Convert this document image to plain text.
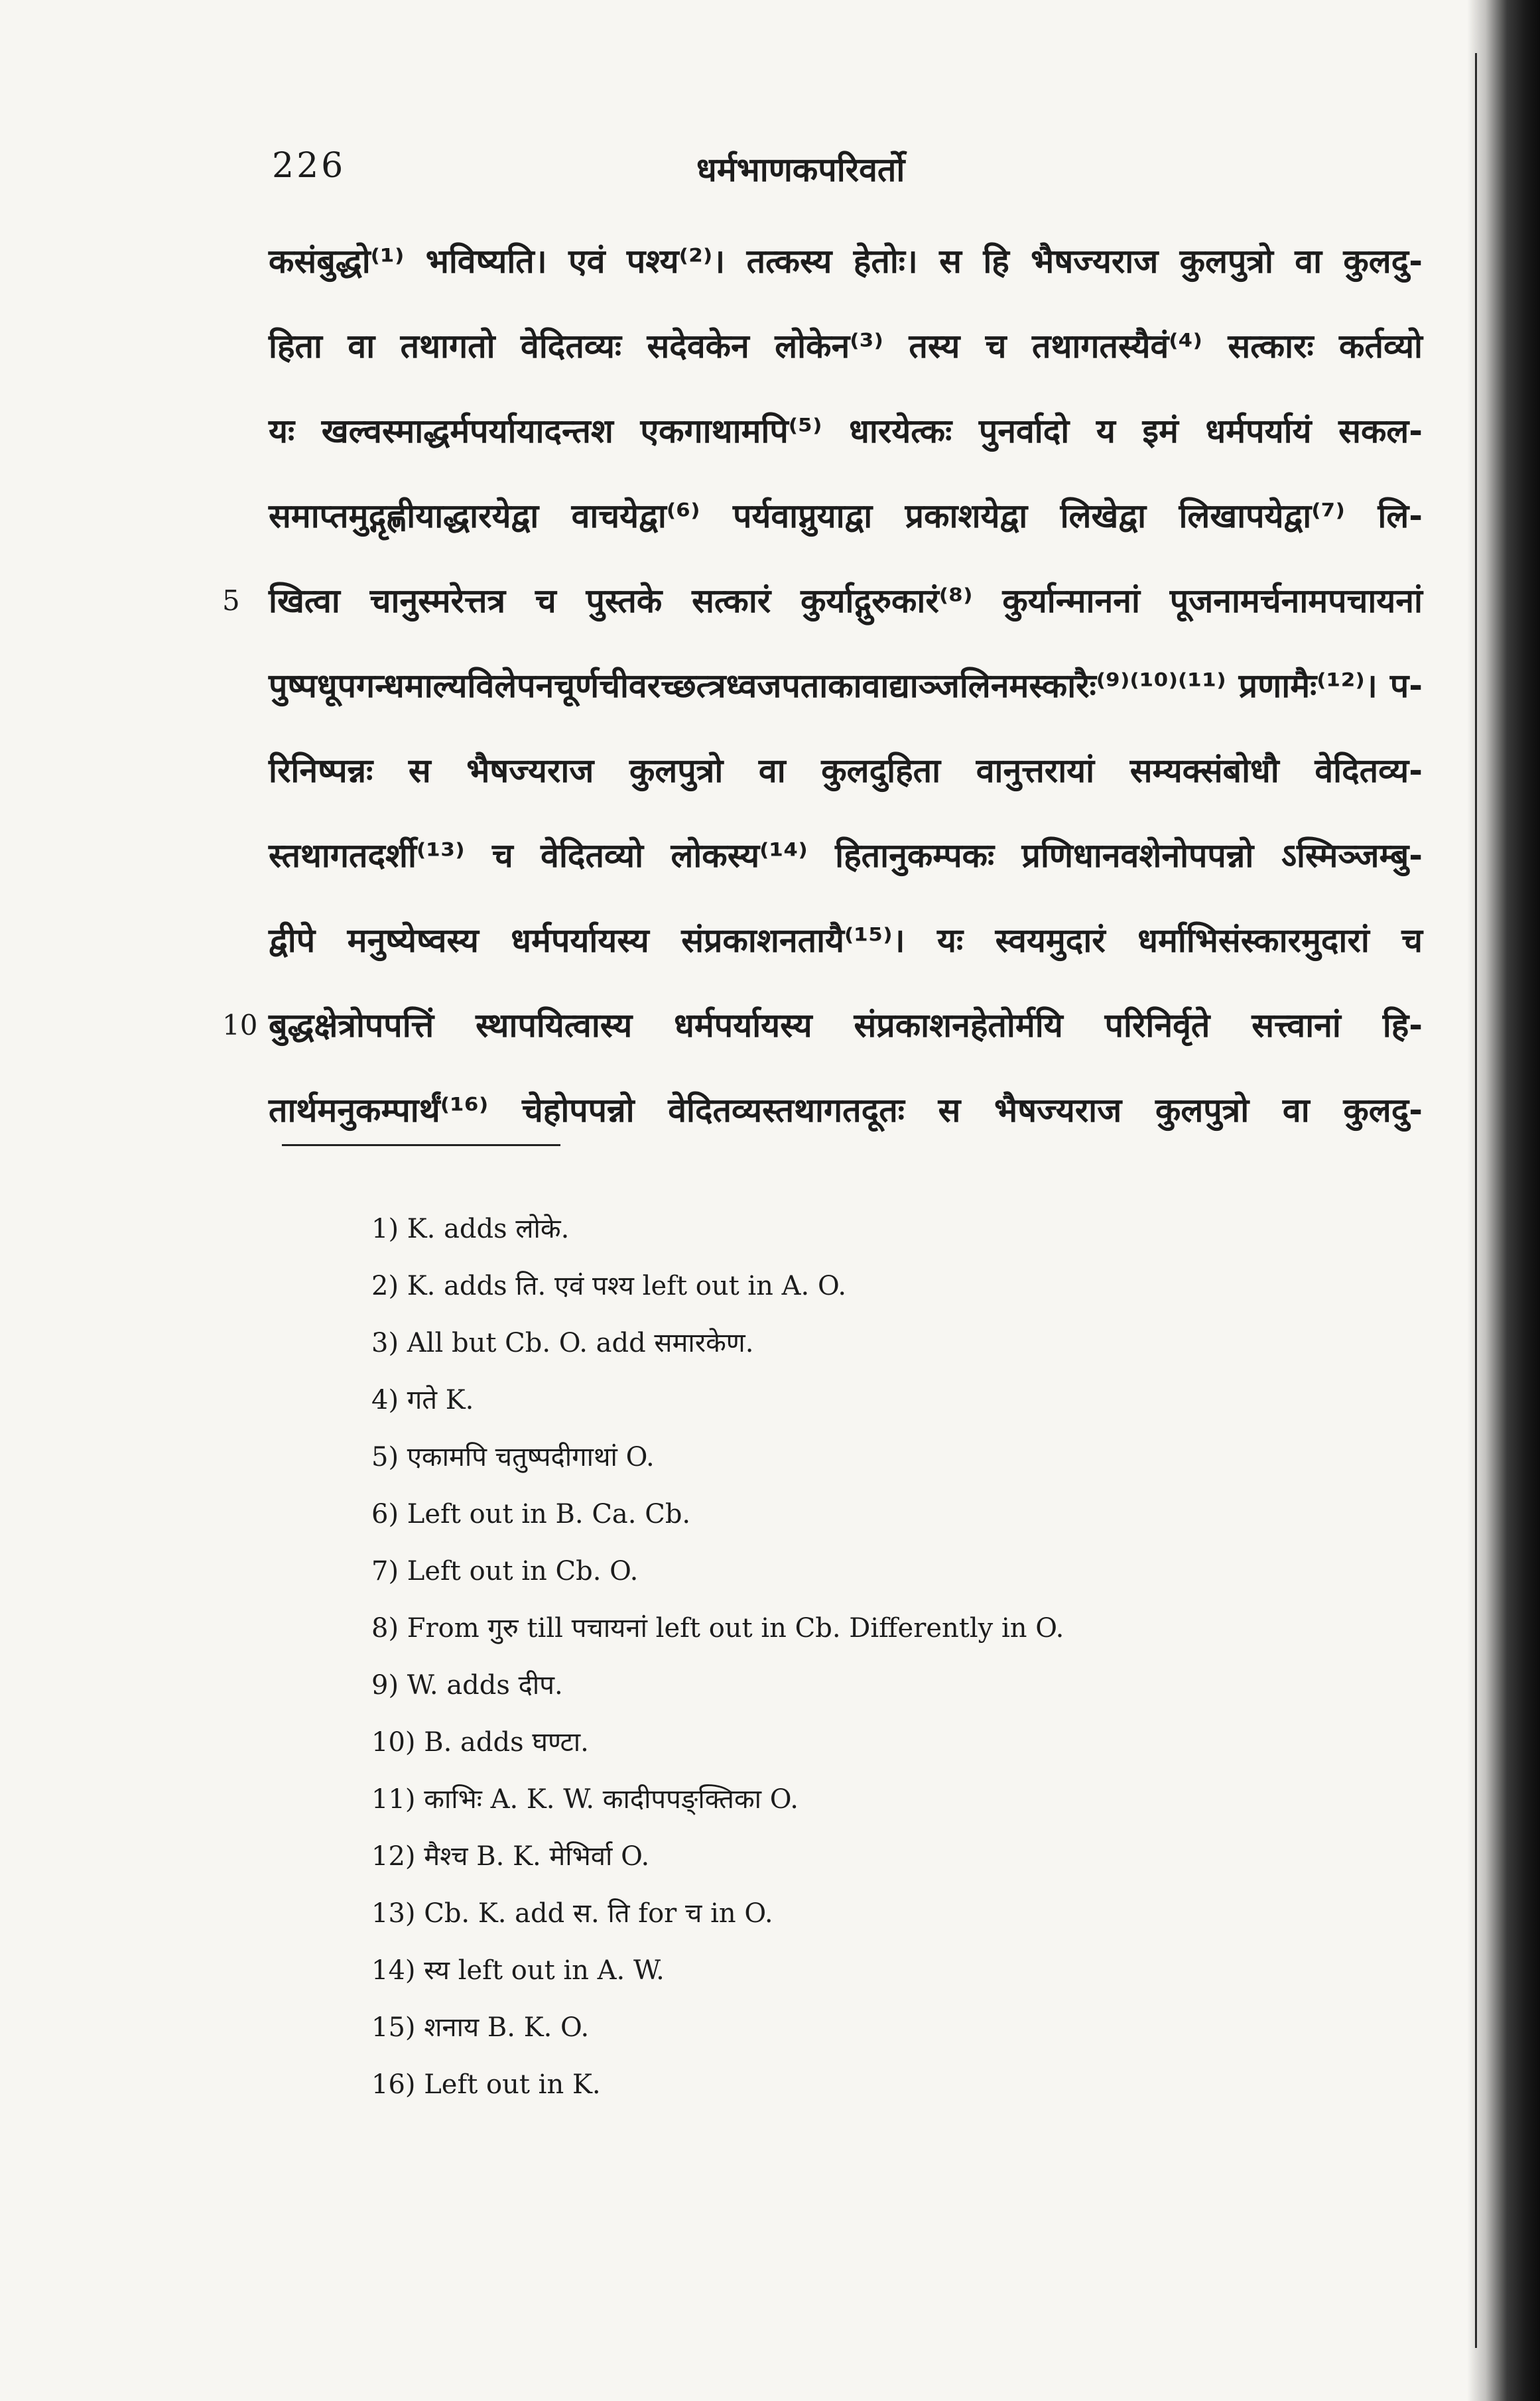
226	धर्मभाणकपरिवर्तो
कसंबुद्धो⁽¹⁾ भविष्यति। एवं पश्य⁽²⁾। तत्कस्य हेतोः। स हि भैषज्यराज कुलपुत्रो वा कुलदु-
हिता वा तथागतो वेदितव्यः सदेवकेन लोकेन⁽³⁾ तस्य च तथागतस्यैवं⁽⁴⁾ सत्कारः कर्तव्यो
यः खल्वस्माद्धर्मपर्यायादन्तश एकगाथामपि⁽⁵⁾ धारयेत्कः पुनर्वादो य इमं धर्मपर्यायं सकल-
समाप्तमुद्गृह्णीयाद्धारयेद्वा वाचयेद्वा⁽⁶⁾ पर्यवाप्नुयाद्वा प्रकाशयेद्वा लिखेद्वा लिखापयेद्वा⁽⁷⁾ लि-
5 खित्वा चानुस्मरेत्तत्र च पुस्तके सत्कारं कुर्याद्गुरुकारं⁽⁸⁾ कुर्यान्माननां पूजनामर्चनामपचायनां
पुष्पधूपगन्धमाल्यविलेपनचूर्णचीवरच्छत्त्रध्वजपताकावाद्याञ्जलिनमस्कारैः⁽⁹⁾⁽¹⁰⁾⁽¹¹⁾ प्रणामैः⁽¹²⁾। प-
रिनिष्पन्नः स भैषज्यराज कुलपुत्रो वा कुलदुहिता वानुत्तरायां सम्यक्संबोधौ वेदितव्य-
स्तथागतदर्शी⁽¹³⁾ च वेदितव्यो लोकस्य⁽¹⁴⁾ हितानुकम्पकः प्रणिधानवशेनोपपन्नो ऽस्मिञ्जम्बु-
द्वीपे मनुष्येष्वस्य धर्मपर्यायस्य संप्रकाशनतायै⁽¹⁵⁾। यः स्वयमुदारं धर्माभिसंस्कारमुदारां च
10 बुद्धक्षेत्रोपपत्तिं स्थापयित्वास्य धर्मपर्यायस्य संप्रकाशनहेतोर्मयि परिनिर्वृते सत्त्वानां हि-
तार्थमनुकम्पार्थं⁽¹⁶⁾ चेहोपपन्नो वेदितव्यस्तथागतदूतः स भैषज्यराज कुलपुत्रो वा कुलदु-
1) K. adds लोके.
2) K. adds ति. एवं पश्य left out in A. O.
3) All but Cb. O. add समारकेण.
4) गते K.
5) एकामपि चतुष्पदीगाथां O.
6) Left out in B. Ca. Cb.
7) Left out in Cb. O.
8) From गुरु till पचायनां left out in Cb. Differently in O.
9) W. adds दीप.
10) B. adds घण्टा.
11) काभिः A. K. W. कादीपपङ्क्तिका O.
12) मैश्च B. K. मेभिर्वा O.
13) Cb. K. add स. ति for च in O.
14) स्य left out in A. W.
15) शनाय B. K. O.
16) Left out in K.
